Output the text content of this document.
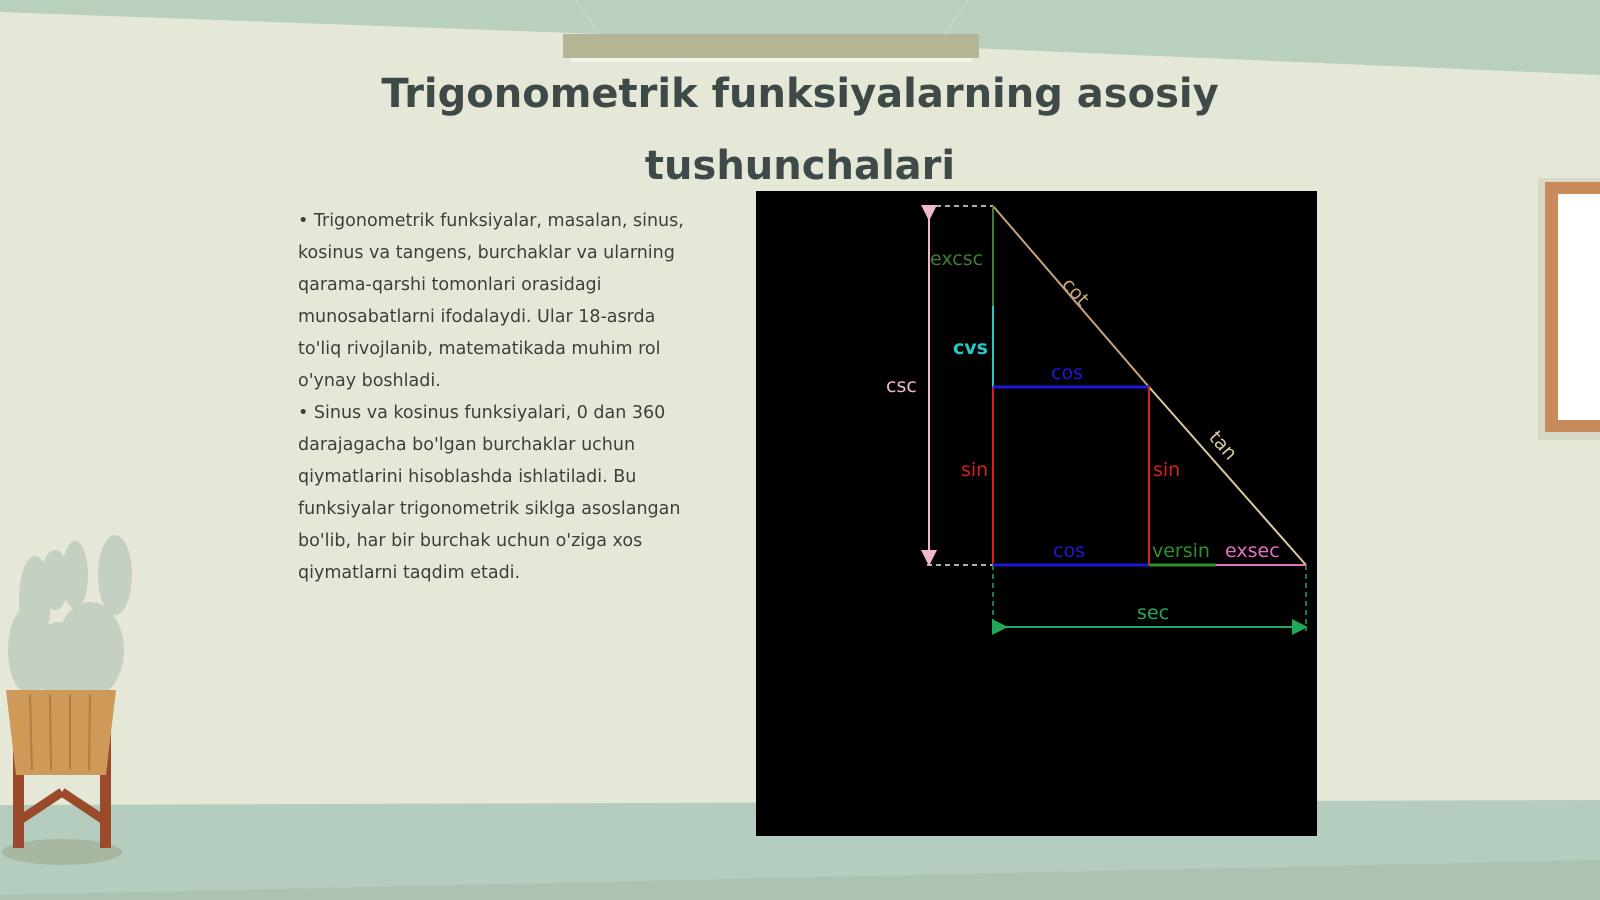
Trigonometrik funksiyalarning asosiy
tushunchalari

• Trigonometrik funksiyalar, masalan, sinus, kosinus va tangens, burchaklar va ularning qarama-qarshi tomonlari orasidagi munosabatlarni ifodalaydi. Ular 18-asrda to'liq rivojlanib, matematikada muhim rol o'ynay boshladi.

• Sinus va kosinus funksiyalari, 0 dan 360 darajagacha bo'lgan burchaklar uchun qiymatlarini hisoblashda ishlatiladi. Bu funksiyalar trigonometrik siklga asoslangan bo'lib, har bir burchak uchun o'ziga xos qiymatlarni taqdim etadi.

excsc
cot
cvs
csc
cos
tan
sin	sin
cos	versin exsec
sec
